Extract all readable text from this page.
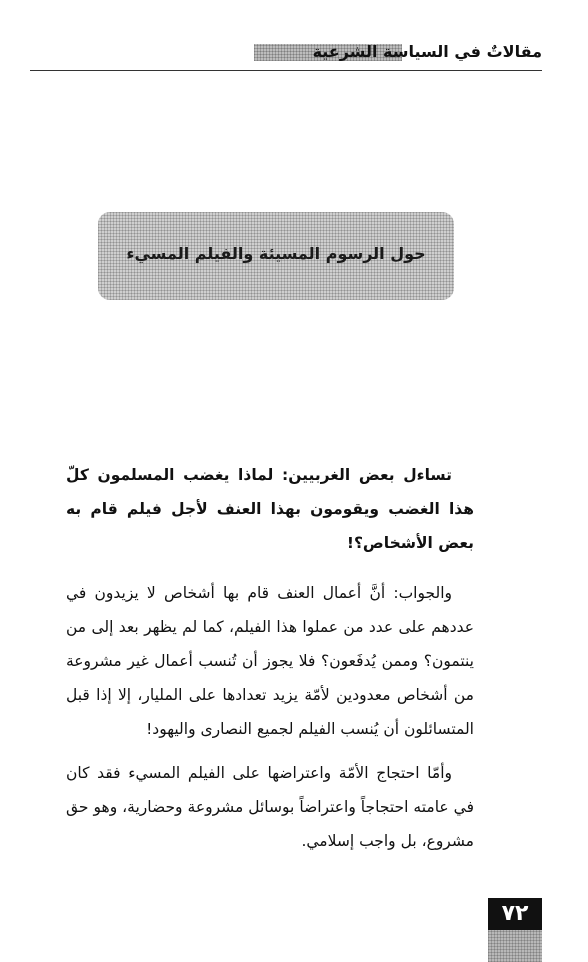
مقالاتٌ في السياسة الشرعية
حول الرسوم المسيئة والفيلم المسيء

تساءل بعض الغربيين: لماذا يغضب المسلمون كلّ هذا الغضب ويقومون بهذا العنف لأجل فيلم قام به بعض الأشخاص؟!

والجواب: أنَّ أعمال العنف قام بها أشخاص لا يزيدون في عددهم على عدد من عملوا هذا الفيلم، كما لم يظهر بعد إلى من ينتمون؟ وممن يُدفَعون؟ فلا يجوز أن تُنسب أعمال غير مشروعة من أشخاص معدودين لأمّة يزيد تعدادها على المليار، إلا إذا قبل المتسائلون أن يُنسب الفيلم لجميع النصارى واليهود!

وأمّا احتجاج الأمّة واعتراضها على الفيلم المسيء فقد كان في عامته احتجاجاً واعتراضاً بوسائل مشروعة وحضارية، وهو حق مشروع، بل واجب إسلامي.

٧٢
